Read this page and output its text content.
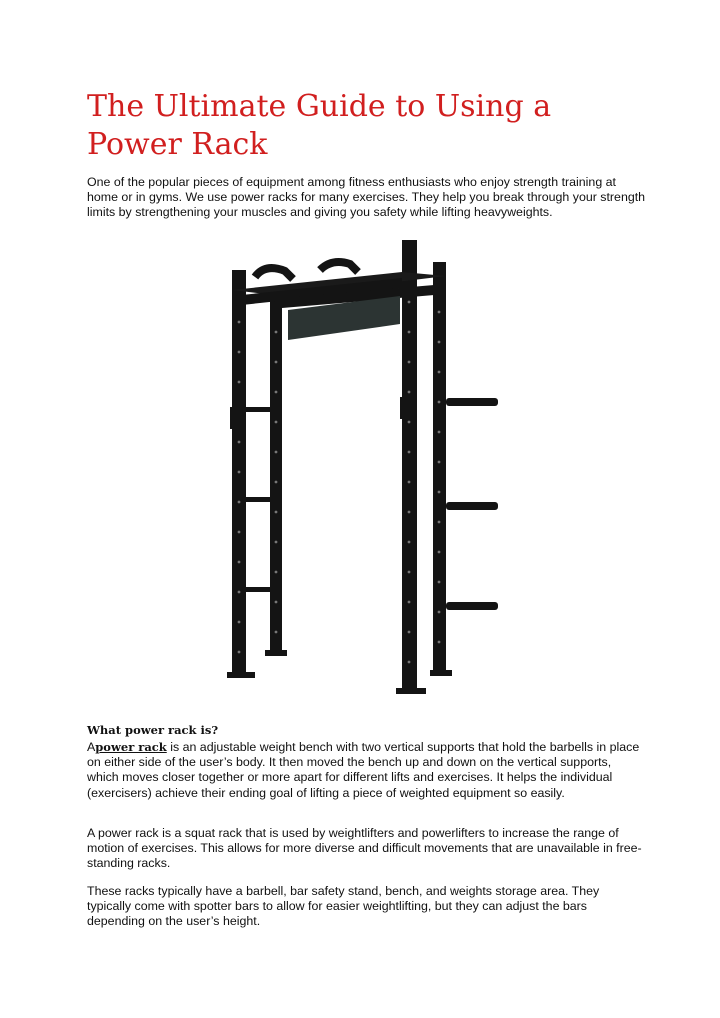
The Ultimate Guide to Using a Power Rack

One of the popular pieces of equipment among fitness enthusiasts who enjoy strength training at home or in gyms. We use power racks for many exercises. They help you break through your strength limits by strengthening your muscles and giving you safety while lifting heavyweights.

What power rack is?

Apower rack is an adjustable weight bench with two vertical supports that hold the barbells in place on either side of the user’s body. It then moved the bench up and down on the vertical supports, which moves closer together or more apart for different lifts and exercises. It helps the individual (exercisers) achieve their ending goal of lifting a piece of weighted equipment so easily.

A power rack is a squat rack that is used by weightlifters and powerlifters to increase the range of motion of exercises. This allows for more diverse and difficult movements that are unavailable in free-standing racks.

These racks typically have a barbell, bar safety stand, bench, and weights storage area. They typically come with spotter bars to allow for easier weightlifting, but they can adjust the bars depending on the user’s height.
